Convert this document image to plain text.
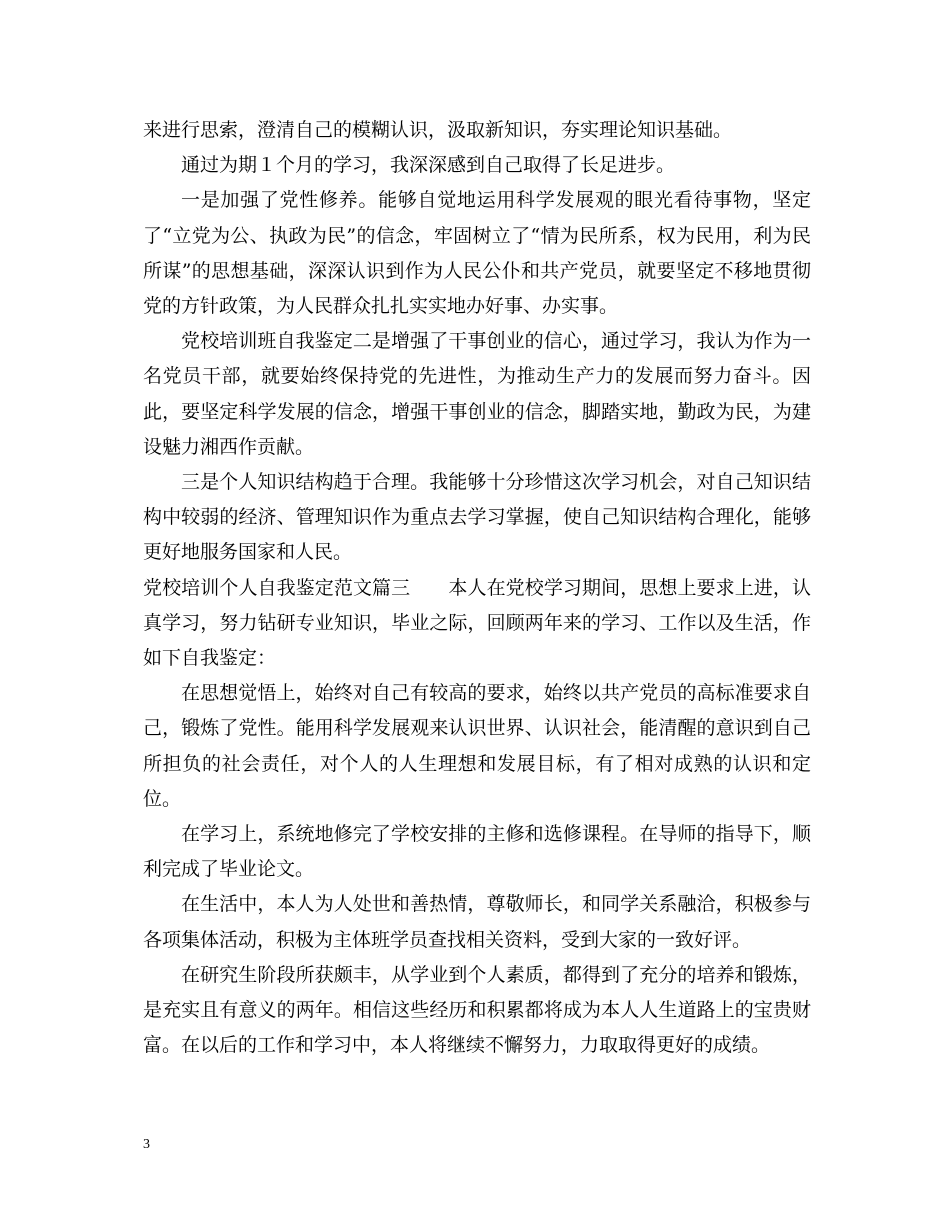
来进行思索，澄清自己的模糊认识，汲取新知识，夯实理论知识基础。

通过为期１个月的学习，我深深感到自己取得了长足进步。

一是加强了党性修养。能够自觉地运用科学发展观的眼光看待事物，坚定了“立党为公、执政为民”的信念，牢固树立了“情为民所系，权为民用，利为民所谋”的思想基础，深深认识到作为人民公仆和共产党员，就要坚定不移地贯彻党的方针政策，为人民群众扎扎实实地办好事、办实事。

党校培训班自我鉴定二是增强了干事创业的信心，通过学习，我认为作为一名党员干部，就要始终保持党的先进性，为推动生产力的发展而努力奋斗。因此，要坚定科学发展的信念，增强干事创业的信念，脚踏实地，勤政为民，为建设魅力湘西作贡献。

三是个人知识结构趋于合理。我能够十分珍惜这次学习机会，对自己知识结构中较弱的经济、管理知识作为重点去学习掌握，使自己知识结构合理化，能够更好地服务国家和人民。

党校培训个人自我鉴定范文篇三　　本人在党校学习期间，思想上要求上进，认真学习，努力钻研专业知识，毕业之际，回顾两年来的学习、工作以及生活，作如下自我鉴定：

在思想觉悟上，始终对自己有较高的要求，始终以共产党员的高标准要求自己，锻炼了党性。能用科学发展观来认识世界、认识社会，能清醒的意识到自己所担负的社会责任，对个人的人生理想和发展目标，有了相对成熟的认识和定位。

在学习上，系统地修完了学校安排的主修和选修课程。在导师的指导下，顺利完成了毕业论文。

在生活中，本人为人处世和善热情，尊敬师长，和同学关系融洽，积极参与各项集体活动，积极为主体班学员查找相关资料，受到大家的一致好评。

在研究生阶段所获颇丰，从学业到个人素质，都得到了充分的培养和锻炼，是充实且有意义的两年。相信这些经历和积累都将成为本人人生道路上的宝贵财富。在以后的工作和学习中，本人将继续不懈努力，力取取得更好的成绩。

3
